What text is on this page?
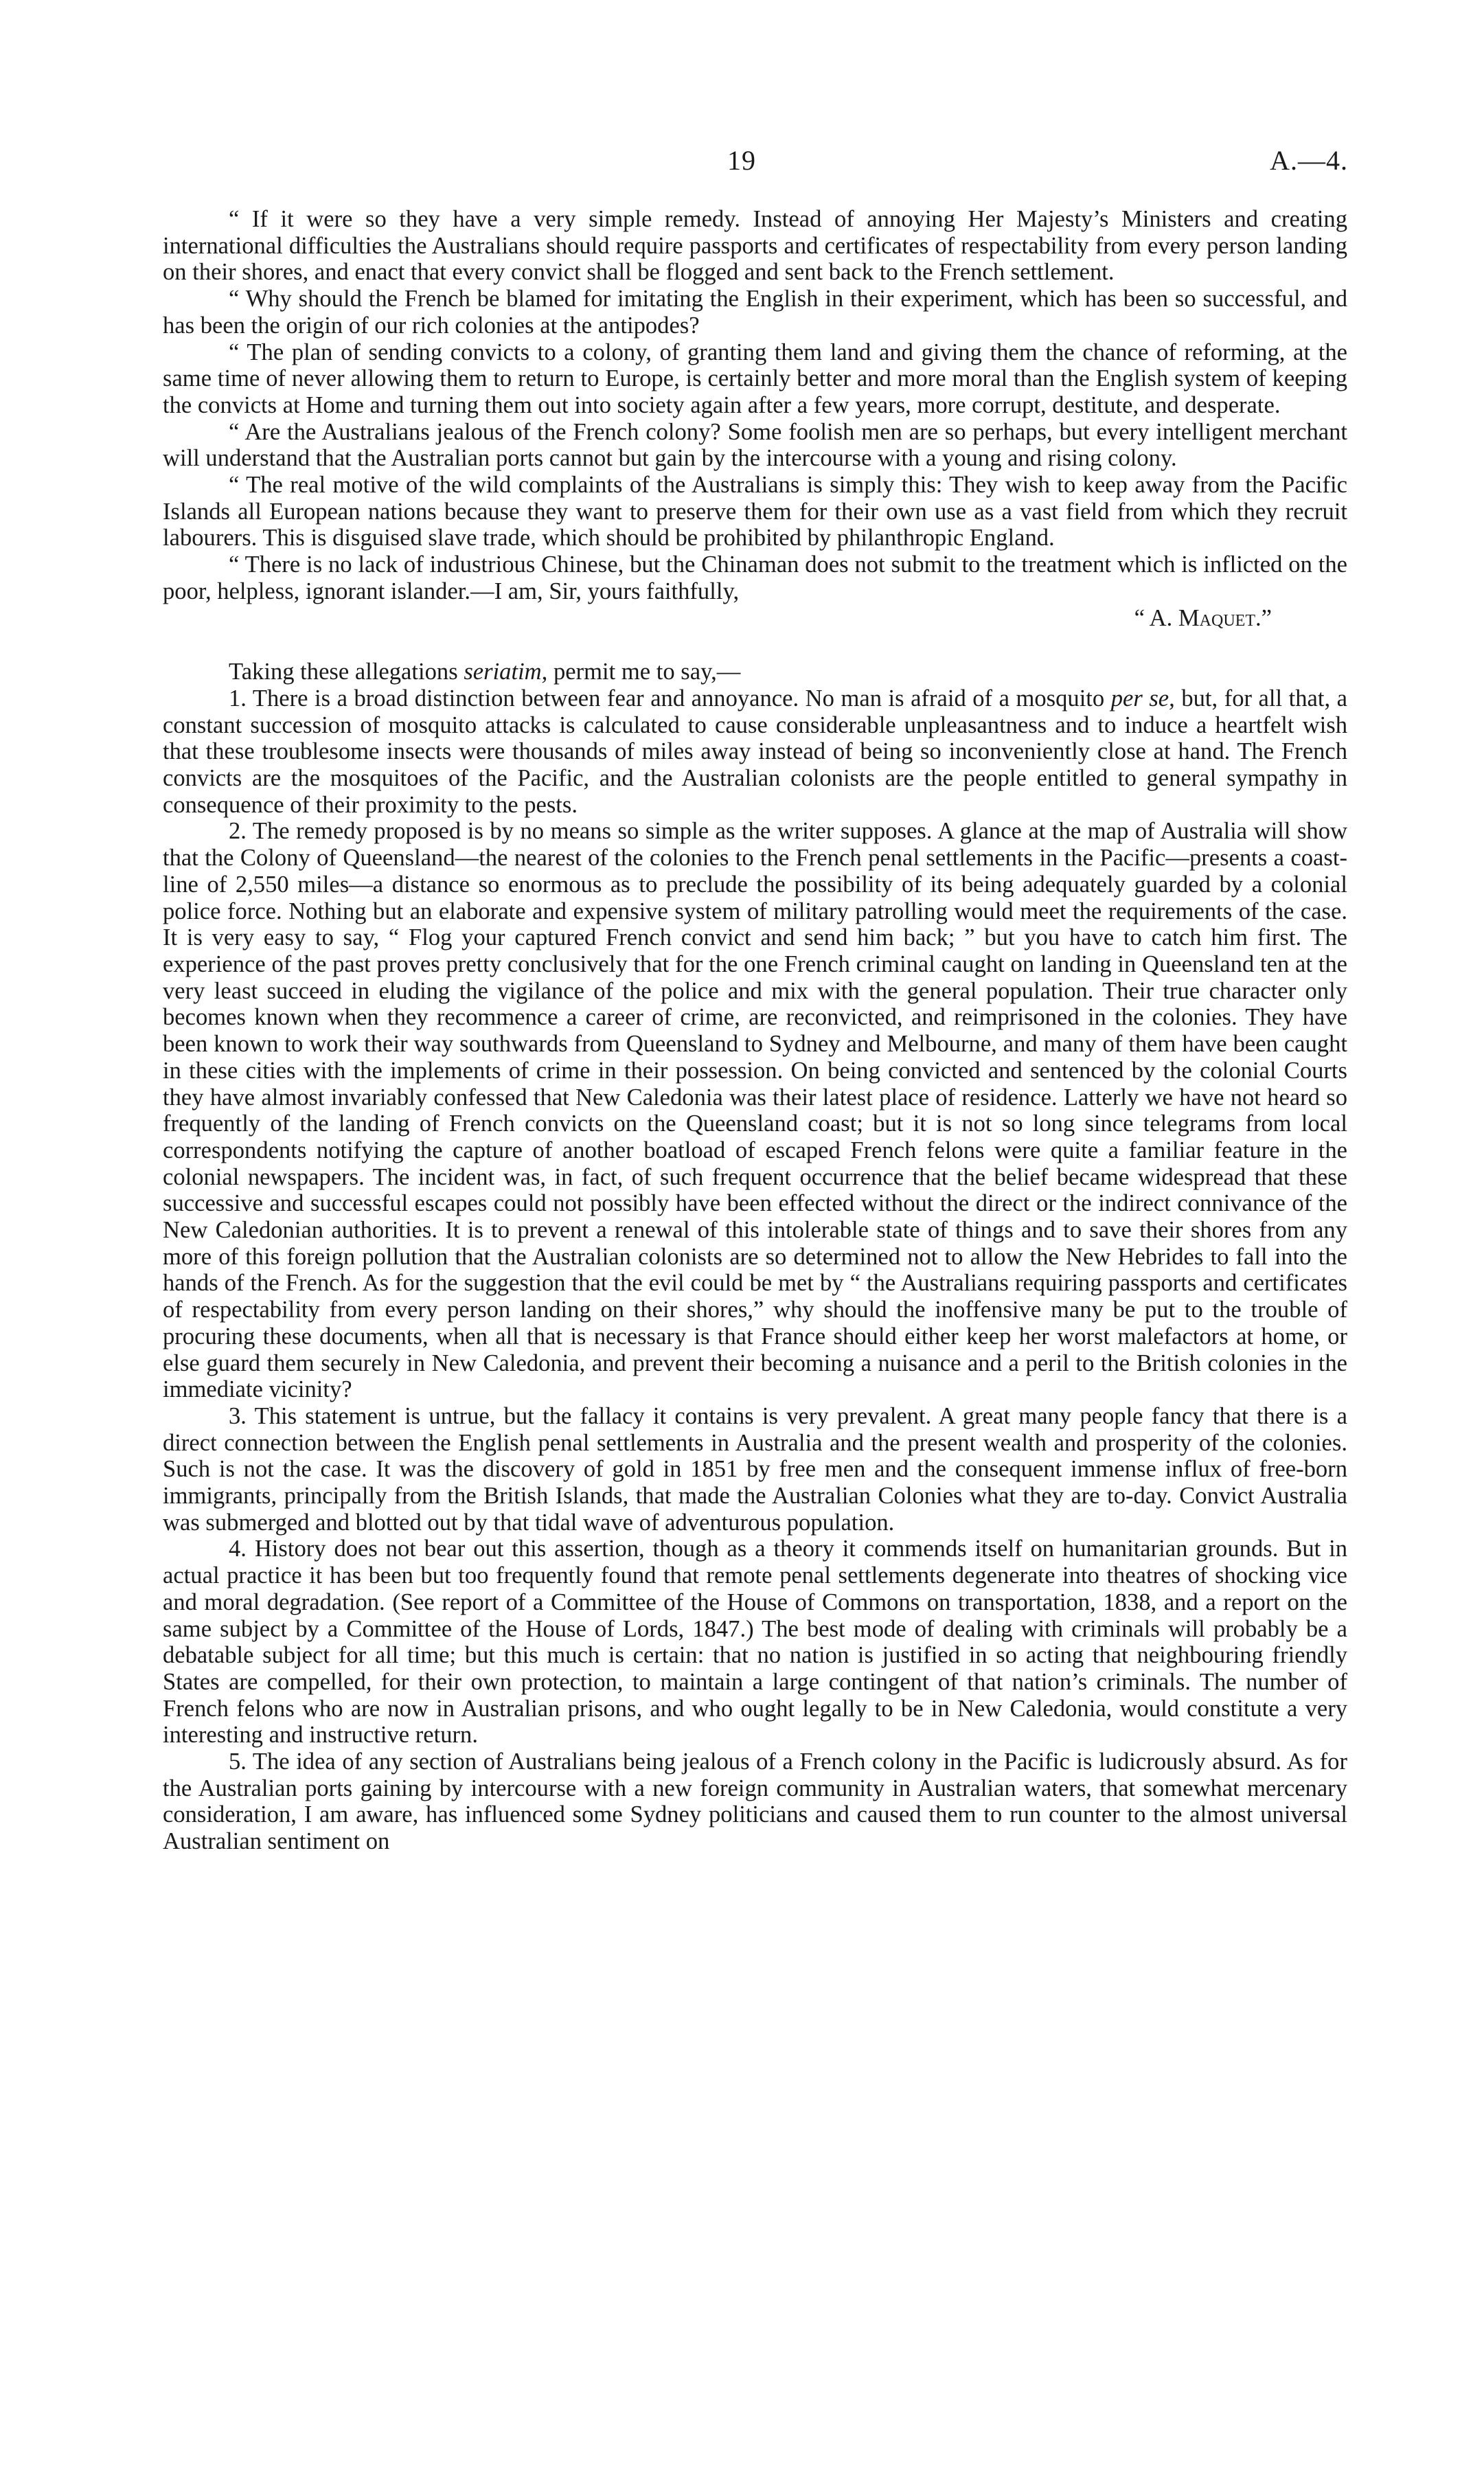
19	A.—4.

“ If it were so they have a very simple remedy. Instead of annoying Her Majesty’s Ministers and creating international difficulties the Australians should require passports and certificates of respectability from every person landing on their shores, and enact that every convict shall be flogged and sent back to the French settlement.

“ Why should the French be blamed for imitating the English in their experiment, which has been so successful, and has been the origin of our rich colonies at the antipodes?

“ The plan of sending convicts to a colony, of granting them land and giving them the chance of reforming, at the same time of never allowing them to return to Europe, is certainly better and more moral than the English system of keeping the convicts at Home and turning them out into society again after a few years, more corrupt, destitute, and desperate.

“ Are the Australians jealous of the French colony? Some foolish men are so perhaps, but every intelligent merchant will understand that the Australian ports cannot but gain by the intercourse with a young and rising colony.

“ The real motive of the wild complaints of the Australians is simply this: They wish to keep away from the Pacific Islands all European nations because they want to preserve them for their own use as a vast field from which they recruit labourers. This is disguised slave trade, which should be prohibited by philanthropic England.

“ There is no lack of industrious Chinese, but the Chinaman does not submit to the treatment which is inflicted on the poor, helpless, ignorant islander.—I am, Sir, yours faithfully,

“ A. Maquet.”

Taking these allegations seriatim, permit me to say,—

1. There is a broad distinction between fear and annoyance. No man is afraid of a mosquito per se, but, for all that, a constant succession of mosquito attacks is calculated to cause considerable unpleasantness and to induce a heartfelt wish that these troublesome insects were thousands of miles away instead of being so inconveniently close at hand. The French convicts are the mosquitoes of the Pacific, and the Australian colonists are the people entitled to general sympathy in consequence of their proximity to the pests.

2. The remedy proposed is by no means so simple as the writer supposes. A glance at the map of Australia will show that the Colony of Queensland—the nearest of the colonies to the French penal settlements in the Pacific—presents a coast-line of 2,550 miles—a distance so enormous as to preclude the possibility of its being adequately guarded by a colonial police force. Nothing but an elaborate and expensive system of military patrolling would meet the requirements of the case. It is very easy to say, “ Flog your captured French convict and send him back; ” but you have to catch him first. The experience of the past proves pretty conclusively that for the one French criminal caught on landing in Queensland ten at the very least succeed in eluding the vigilance of the police and mix with the general population. Their true character only becomes known when they recommence a career of crime, are reconvicted, and reimprisoned in the colonies. They have been known to work their way southwards from Queensland to Sydney and Melbourne, and many of them have been caught in these cities with the implements of crime in their possession. On being convicted and sentenced by the colonial Courts they have almost invariably confessed that New Caledonia was their latest place of residence. Latterly we have not heard so frequently of the landing of French convicts on the Queensland coast; but it is not so long since telegrams from local correspondents notifying the capture of another boatload of escaped French felons were quite a familiar feature in the colonial newspapers. The incident was, in fact, of such frequent occurrence that the belief became widespread that these successive and successful escapes could not possibly have been effected without the direct or the indirect connivance of the New Caledonian authorities. It is to prevent a renewal of this intolerable state of things and to save their shores from any more of this foreign pollution that the Australian colonists are so determined not to allow the New Hebrides to fall into the hands of the French. As for the suggestion that the evil could be met by “ the Australians requiring passports and certificates of respectability from every person landing on their shores,” why should the inoffensive many be put to the trouble of procuring these documents, when all that is necessary is that France should either keep her worst malefactors at home, or else guard them securely in New Caledonia, and prevent their becoming a nuisance and a peril to the British colonies in the immediate vicinity?

3. This statement is untrue, but the fallacy it contains is very prevalent. A great many people fancy that there is a direct connection between the English penal settlements in Australia and the present wealth and prosperity of the colonies. Such is not the case. It was the discovery of gold in 1851 by free men and the consequent immense influx of free-born immigrants, principally from the British Islands, that made the Australian Colonies what they are to-day. Convict Australia was submerged and blotted out by that tidal wave of adventurous population.

4. History does not bear out this assertion, though as a theory it commends itself on humanitarian grounds. But in actual practice it has been but too frequently found that remote penal settlements degenerate into theatres of shocking vice and moral degradation. (See report of a Committee of the House of Commons on transportation, 1838, and a report on the same subject by a Committee of the House of Lords, 1847.) The best mode of dealing with criminals will probably be a debatable subject for all time; but this much is certain: that no nation is justified in so acting that neighbouring friendly States are compelled, for their own protection, to maintain a large contingent of that nation’s criminals. The number of French felons who are now in Australian prisons, and who ought legally to be in New Caledonia, would constitute a very interesting and instructive return.

5. The idea of any section of Australians being jealous of a French colony in the Pacific is ludicrously absurd. As for the Australian ports gaining by intercourse with a new foreign community in Australian waters, that somewhat mercenary consideration, I am aware, has influenced some Sydney politicians and caused them to run counter to the almost universal Australian sentiment on
